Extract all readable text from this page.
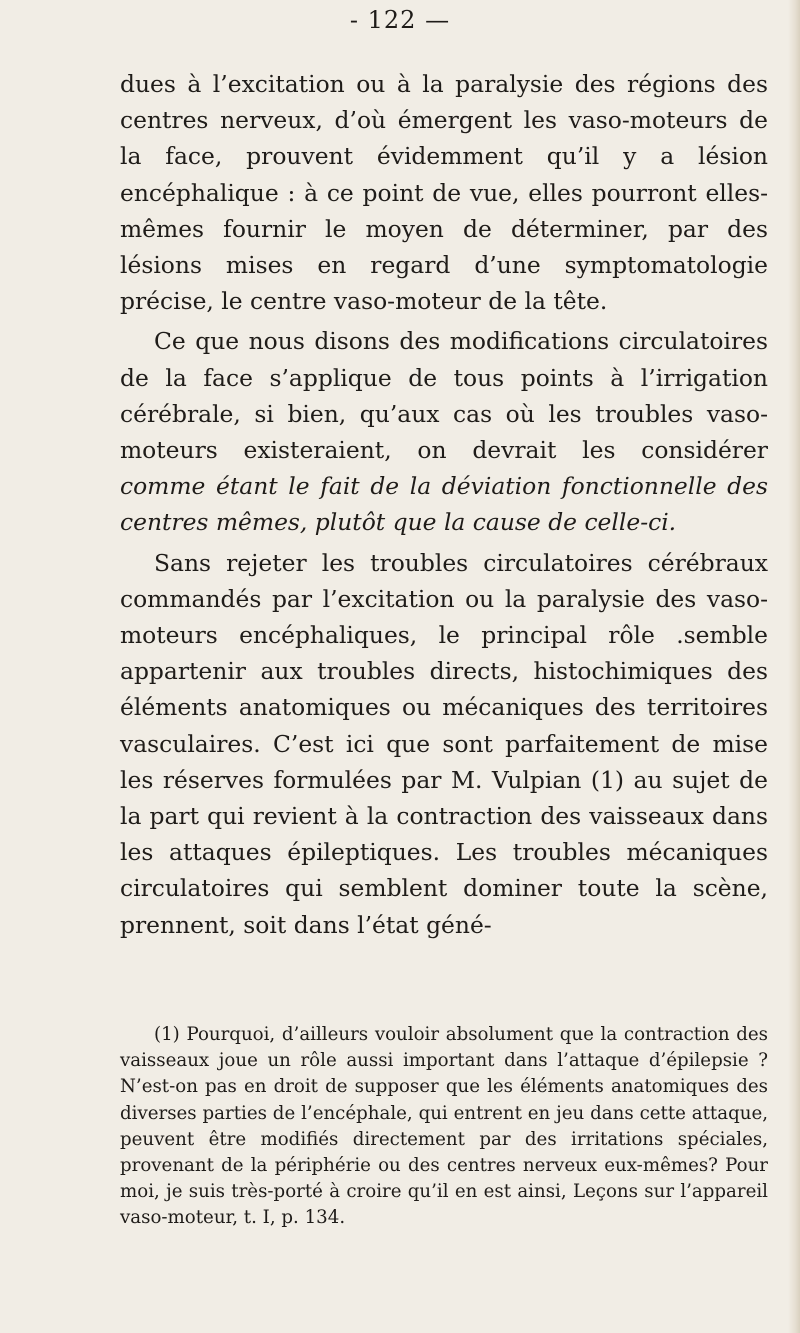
- 122 —

dues à l’excitation ou à la paralysie des régions des centres nerveux, d’où émergent les vaso-moteurs de la face, prouvent évidemment qu’il y a lésion encéphalique : à ce point de vue, elles pourront elles-mêmes fournir le moyen de déterminer, par des lésions mises en regard d’une symptomatologie précise, le centre vaso-moteur de la tête.

Ce que nous disons des modifications circulatoires de la face s’applique de tous points à l’irrigation cérébrale, si bien, qu’aux cas où les troubles vaso-moteurs existeraient, on devrait les considérer comme étant le fait de la déviation fonctionnelle des centres mêmes, plutôt que la cause de celle-ci.

Sans rejeter les troubles circulatoires cérébraux commandés par l’excitation ou la paralysie des vaso-moteurs encéphaliques, le principal rôle .semble appartenir aux troubles directs, histochimiques des éléments anatomiques ou mécaniques des territoires vasculaires. C’est ici que sont parfaitement de mise les réserves formulées par M. Vulpian (1) au sujet de la part qui revient à la contraction des vaisseaux dans les attaques épileptiques. Les troubles mécaniques circulatoires qui semblent dominer toute la scène, prennent, soit dans l’état géné-

(1) Pourquoi, d’ailleurs vouloir absolument que la contraction des vaisseaux joue un rôle aussi important dans l’attaque d’épilepsie ? N’est-on pas en droit de supposer que les éléments anatomiques des diverses parties de l’encéphale, qui entrent en jeu dans cette attaque, peuvent être modifiés directement par des irritations spéciales, provenant de la périphérie ou des centres nerveux eux-mêmes? Pour moi, je suis très-porté à croire qu’il en est ainsi, Leçons sur l’appareil vaso-moteur, t. I, p. 134.
